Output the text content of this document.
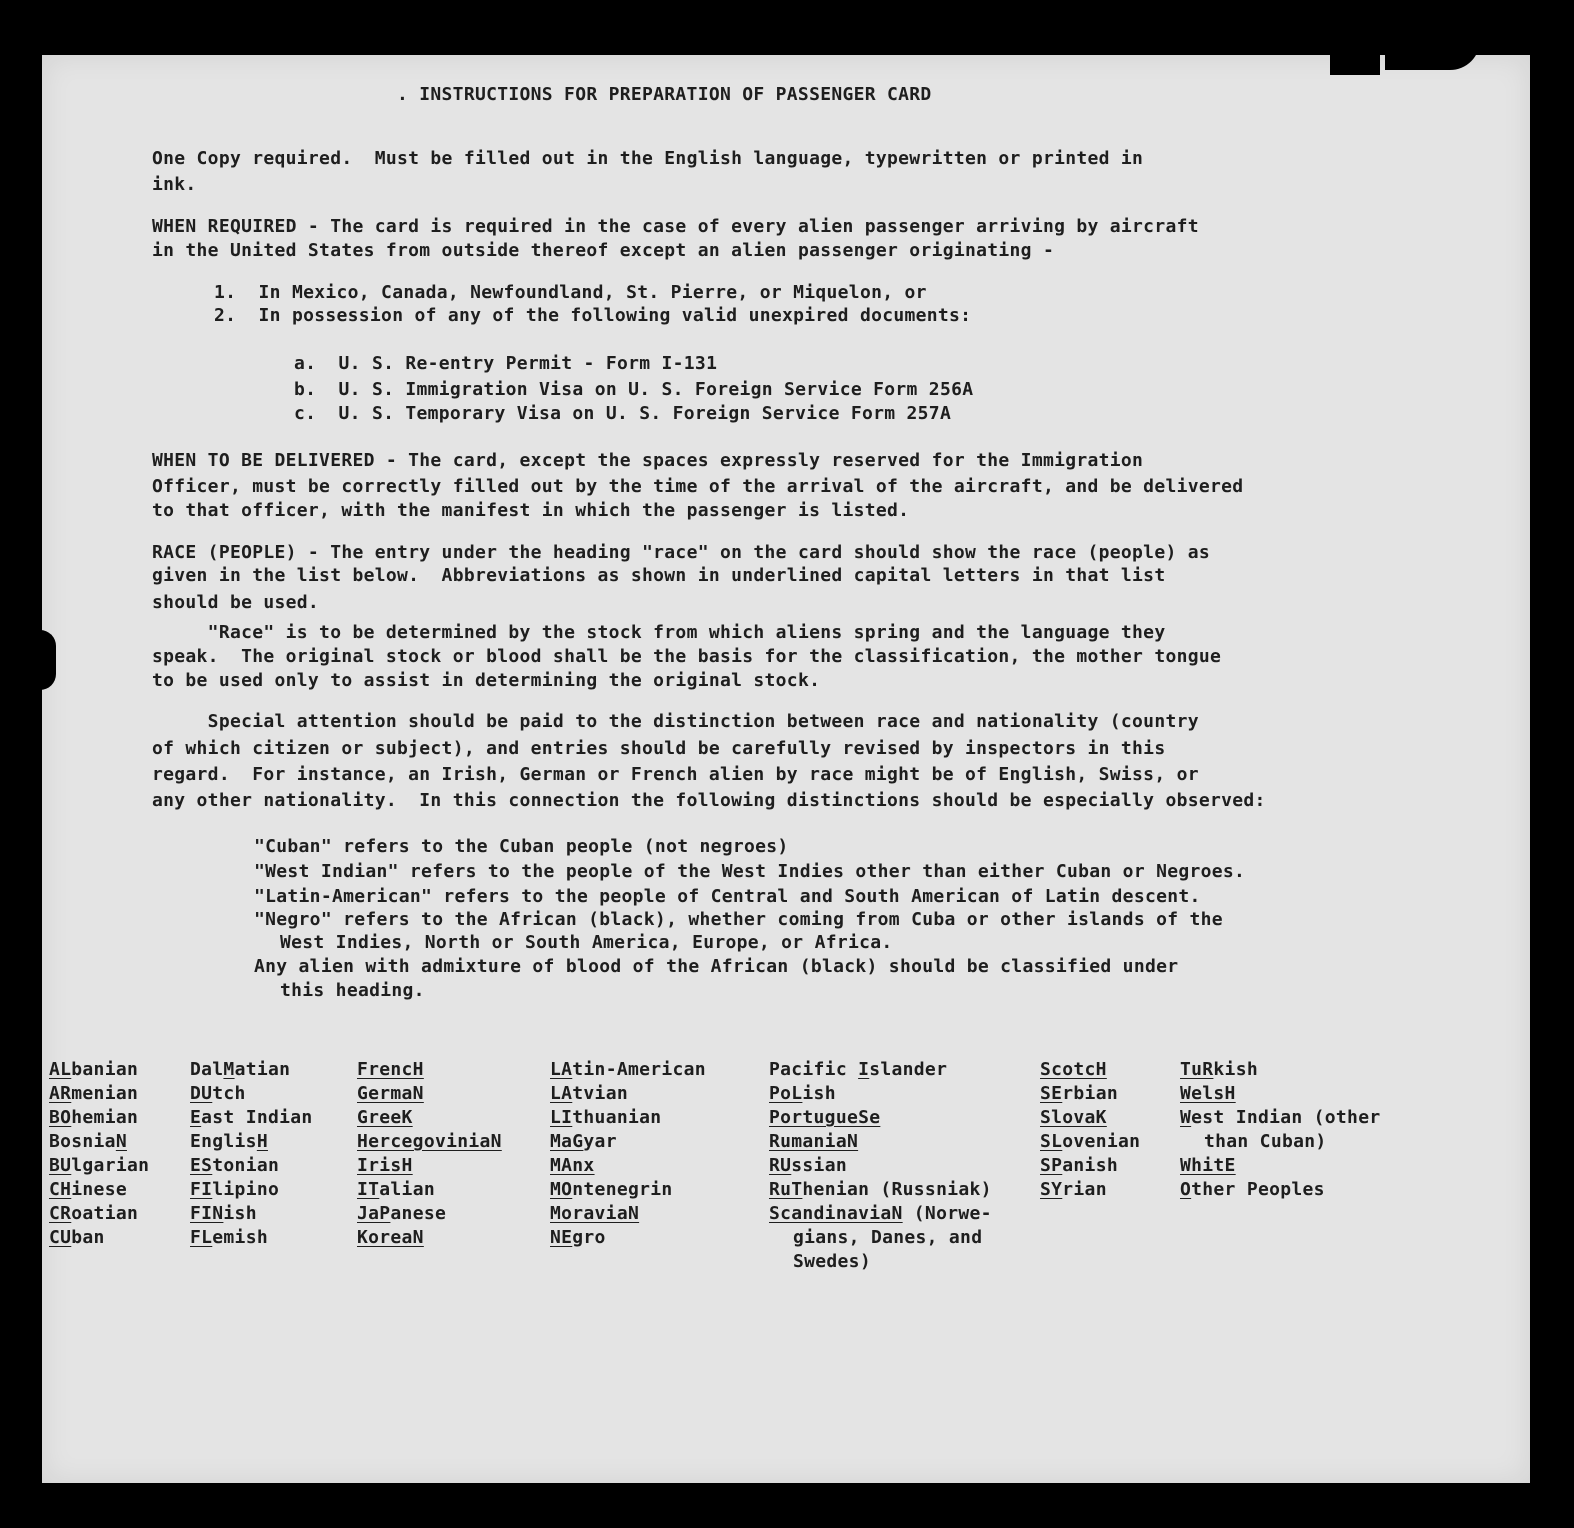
. INSTRUCTIONS FOR PREPARATION OF PASSENGER CARD
One Copy required.  Must be filled out in the English language, typewritten or printed in
ink.
WHEN REQUIRED - The card is required in the case of every alien passenger arriving by aircraft
in the United States from outside thereof except an alien passenger originating -
1.  In Mexico, Canada, Newfoundland, St. Pierre, or Miquelon, or
2.  In possession of any of the following valid unexpired documents:
a.  U. S. Re-entry Permit - Form I-131
b.  U. S. Immigration Visa on U. S. Foreign Service Form 256A
c.  U. S. Temporary Visa on U. S. Foreign Service Form 257A
WHEN TO BE DELIVERED - The card, except the spaces expressly reserved for the Immigration
Officer, must be correctly filled out by the time of the arrival of the aircraft, and be delivered
to that officer, with the manifest in which the passenger is listed.
RACE (PEOPLE) - The entry under the heading "race" on the card should show the race (people) as
given in the list below.  Abbreviations as shown in underlined capital letters in that list
should be used.
"Race" is to be determined by the stock from which aliens spring and the language they
speak.  The original stock or blood shall be the basis for the classification, the mother tongue
to be used only to assist in determining the original stock.
Special attention should be paid to the distinction between race and nationality (country
of which citizen or subject), and entries should be carefully revised by inspectors in this
regard.  For instance, an Irish, German or French alien by race might be of English, Swiss, or
any other nationality.  In this connection the following distinctions should be especially observed:
"Cuban" refers to the Cuban people (not negroes)
"West Indian" refers to the people of the West Indies other than either Cuban or Negroes.
"Latin-American" refers to the people of Central and South American of Latin descent.
"Negro" refers to the African (black), whether coming from Cuba or other islands of the
West Indies, North or South America, Europe, or Africa.
Any alien with admixture of blood of the African (black) should be classified under
this heading.
ALbanian
ARmenian
BOhemian
BosniaN
BUlgarian
CHinese
CRoatian
CUban
DalMatian
DUtch
East Indian
EnglisH
EStonian
FIlipino
FINish
FLemish
FrencH
GermaN
GreeK
HercegoviniaN
IrisH
ITalian
JaPanese
KoreaN
LAtin-American
LAtvian
LIthuanian
MaGyar
MAnx
MOntenegrin
MoraviaN
NEgro
Pacific Islander
PoLish
PortugueSe
RumaniaN
RUssian
RuThenian (Russniak)
ScandinaviaN (Norwe-
gians, Danes, and
Swedes)
ScotcH
SErbian
SlovaK
SLovenian
SPanish
SYrian
TuRkish
WelsH
West Indian (other
than Cuban)
WhitE
Other Peoples
